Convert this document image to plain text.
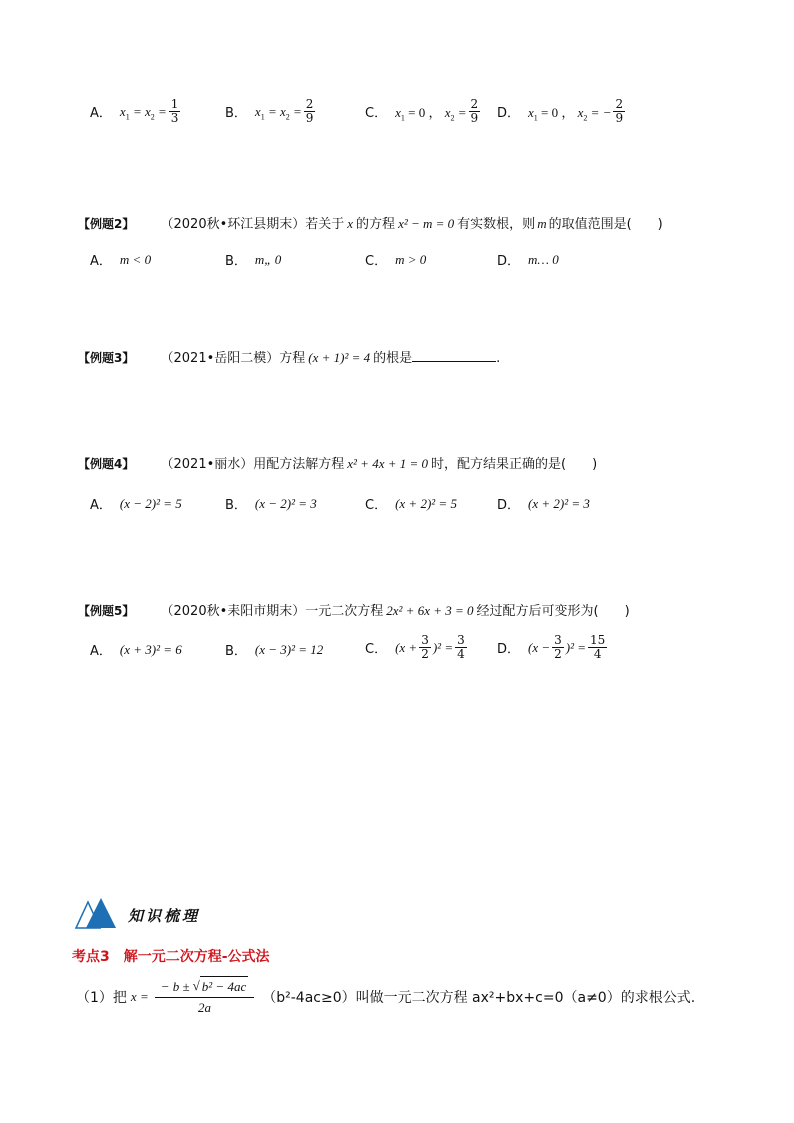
A． $x_1 = x_2 = \frac{1}{3}$	B． $x_1 = x_2 = \frac{2}{9}$	C． $x_1 = 0$ ， $x_2 = \frac{2}{9}$ D． $x_1 = 0$ ， $x_2$ = − $\frac{2}{9}$
【例题2】 （2020秋•环江县期末）若关于 x 的方程 x² − m = 0 有实数根，则 m 的取值范围是(　　)
A． m < 0	B． m„ 0	C． m > 0	D． m… 0
【例题3】 （2021•岳阳二模）方程 (x + 1)² = 4 的根是	.
【例题4】 （2021•丽水）用配方法解方程 x² + 4x + 1 = 0 时，配方结果正确的是(　　)
A． (x − 2)² = 5	B． (x − 2)² = 3	C． (x + 2)² = 5	D． (x + 2)² = 3
【例题5】 （2020秋•耒阳市期末）一元二次方程 2x² + 6x + 3 = 0 经过配方后可变形为(　　)
A． (x + 3)² = 6	B． (x − 3)² = 12	C． $(x + \frac{3}{2} )^2 = \frac{3}{4}$ D． $(x - \frac{3}{2} )^2 = \frac{15}{4}$
知识梳理
考点3　解一元二次方程-公式法
（1）把 $x = \frac{\text{− b ± √ b² − 4ac}}{2a} (b^2-4ac\ge 0)$叫做一元二次方程 ax²+bx+c=0（a≠0）的求根公式.
